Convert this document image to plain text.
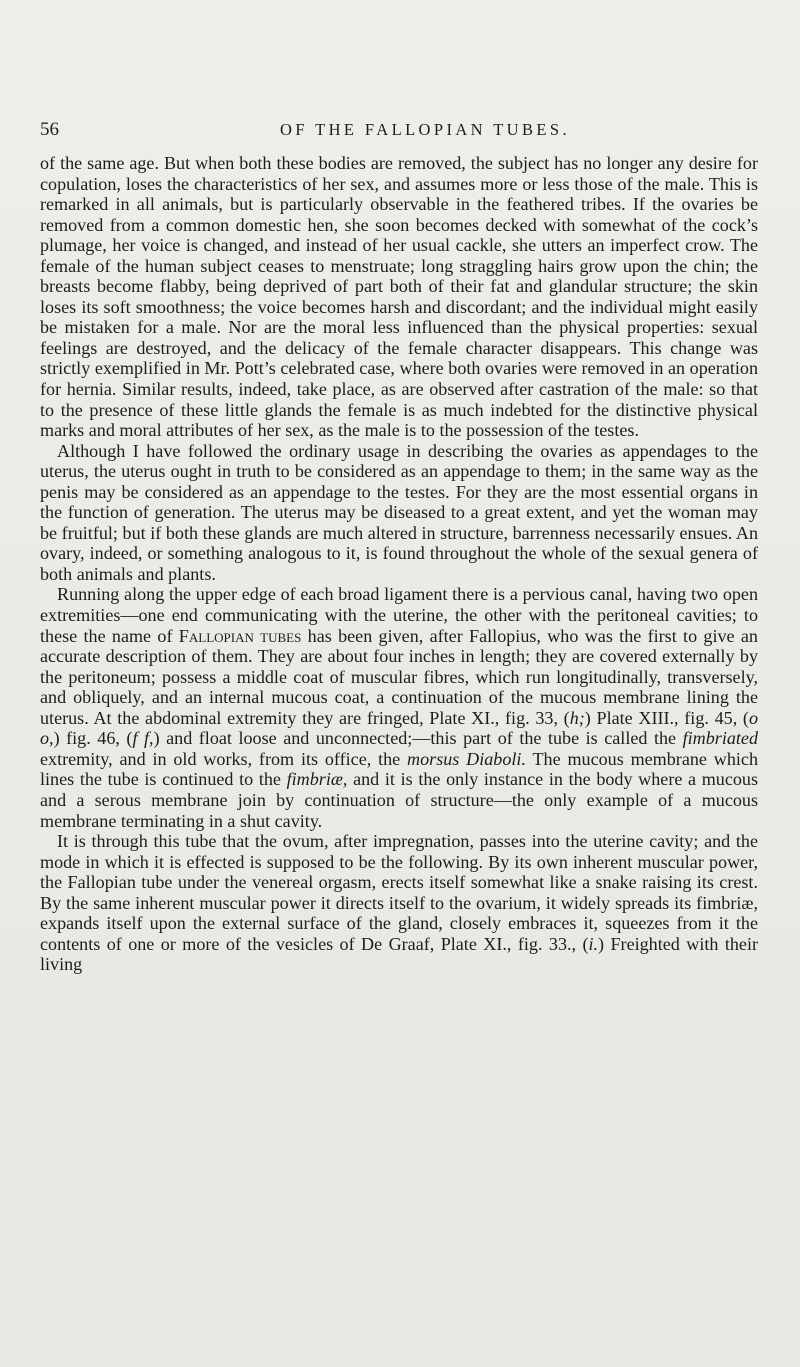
56	OF THE FALLOPIAN TUBES.

of the same age. But when both these bodies are removed, the subject has no longer any desire for copulation, loses the characteristics of her sex, and assumes more or less those of the male. This is remarked in all animals, but is particularly observable in the feathered tribes. If the ovaries be removed from a common domestic hen, she soon becomes decked with somewhat of the cock’s plumage, her voice is changed, and instead of her usual cackle, she utters an imperfect crow. The female of the human subject ceases to menstruate; long straggling hairs grow upon the chin; the breasts become flabby, being deprived of part both of their fat and glandular structure; the skin loses its soft smoothness; the voice becomes harsh and discordant; and the individual might easily be mistaken for a male. Nor are the moral less influenced than the physical properties: sexual feelings are destroyed, and the delicacy of the female character disappears. This change was strictly exemplified in Mr. Pott’s celebrated case, where both ovaries were removed in an operation for hernia. Similar results, indeed, take place, as are observed after castration of the male: so that to the presence of these little glands the female is as much indebted for the distinctive physical marks and moral attributes of her sex, as the male is to the possession of the testes.

Although I have followed the ordinary usage in describing the ovaries as appendages to the uterus, the uterus ought in truth to be considered as an appendage to them; in the same way as the penis may be considered as an appendage to the testes. For they are the most essential organs in the function of generation. The uterus may be diseased to a great extent, and yet the woman may be fruitful; but if both these glands are much altered in structure, barrenness necessarily ensues. An ovary, indeed, or something analogous to it, is found throughout the whole of the sexual genera of both animals and plants.

Running along the upper edge of each broad ligament there is a pervious canal, having two open extremities—one end communicating with the uterine, the other with the peritoneal cavities; to these the name of Fallopian tubes has been given, after Fallopius, who was the first to give an accurate description of them. They are about four inches in length; they are covered externally by the peritoneum; possess a middle coat of muscular fibres, which run longitudinally, transversely, and obliquely, and an internal mucous coat, a continuation of the mucous membrane lining the uterus. At the abdominal extremity they are fringed, Plate XI., fig. 33, (h;) Plate XIII., fig. 45, (o o,) fig. 46, (f f,) and float loose and unconnected;—this part of the tube is called the fimbriated extremity, and in old works, from its office, the morsus Diaboli. The mucous membrane which lines the tube is continued to the fimbriæ, and it is the only instance in the body where a mucous and a serous membrane join by continuation of structure—the only example of a mucous membrane terminating in a shut cavity.

It is through this tube that the ovum, after impregnation, passes into the uterine cavity; and the mode in which it is effected is supposed to be the following. By its own inherent muscular power, the Fallopian tube under the venereal orgasm, erects itself somewhat like a snake raising its crest. By the same inherent muscular power it directs itself to the ovarium, it widely spreads its fimbriæ, expands itself upon the external surface of the gland, closely embraces it, squeezes from it the contents of one or more of the vesicles of De Graaf, Plate XI., fig. 33., (i.) Freighted with their living
